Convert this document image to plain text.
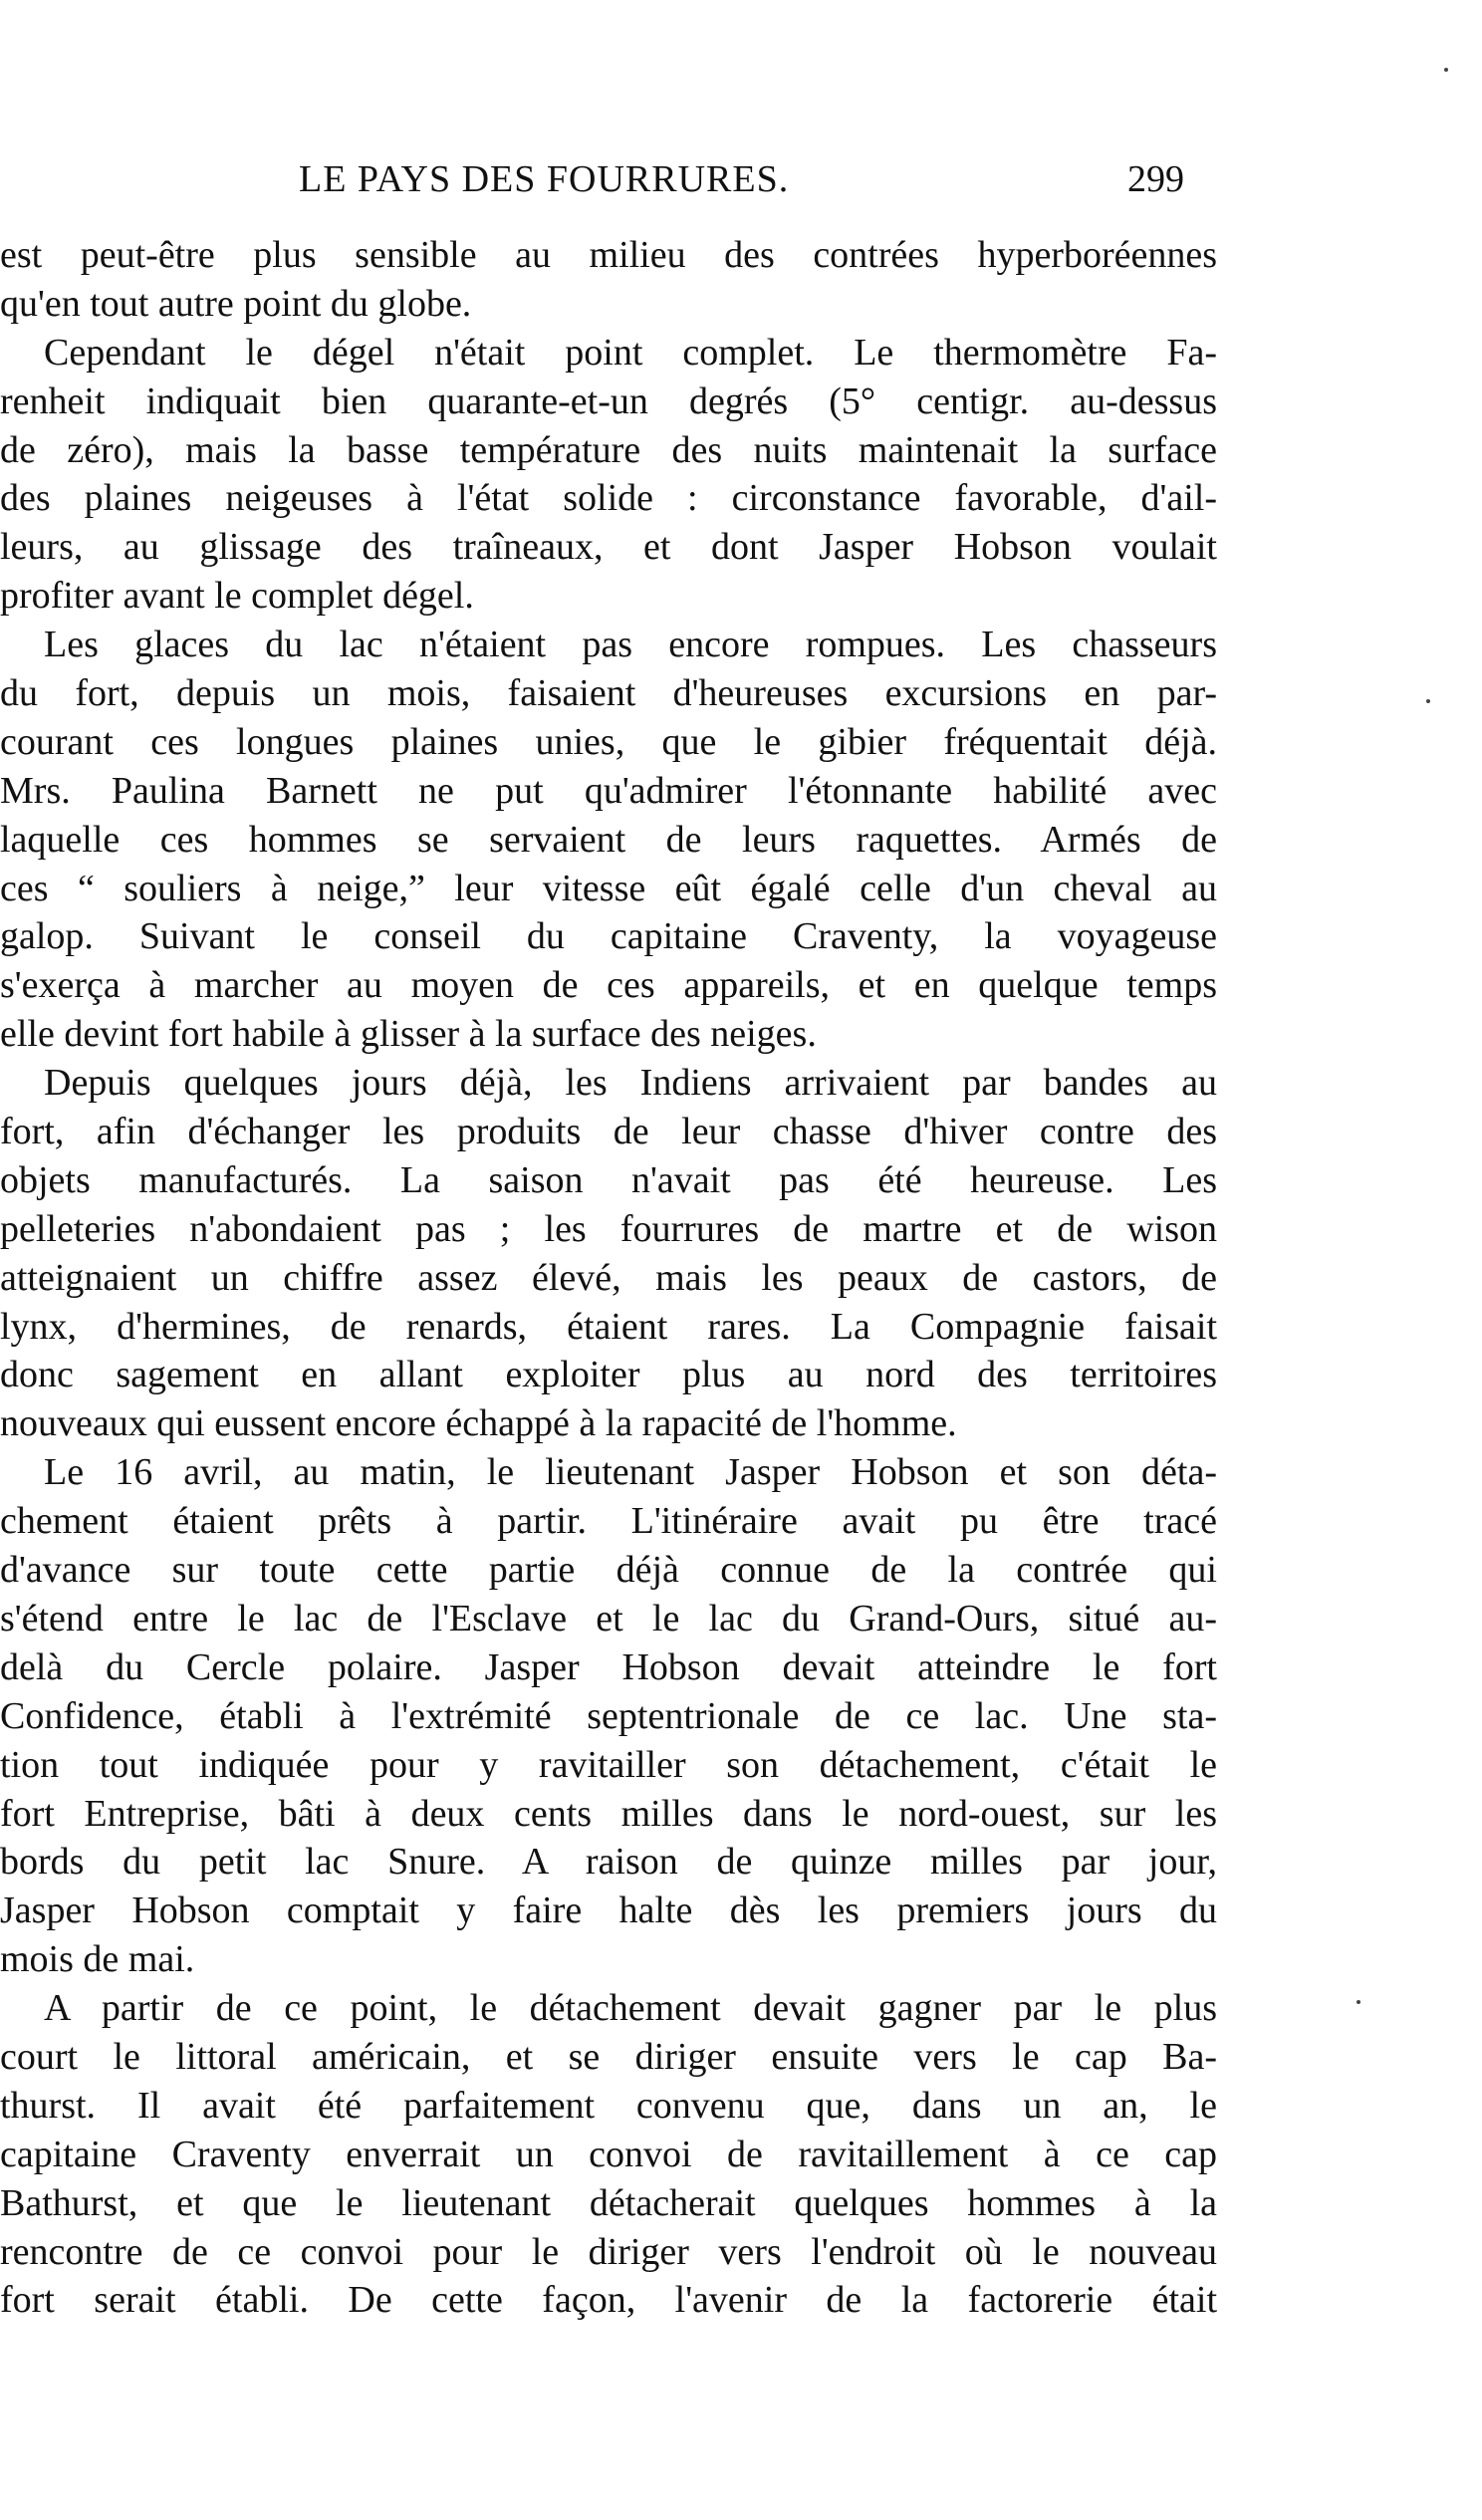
LE PAYS DES FOURRURES.	299
est peut-être plus sensible au milieu des contrées hyperboréennes
qu'en tout autre point du globe.
Cependant le dégel n'était point complet. Le thermomètre Fa-
renheit indiquait bien quarante-et-un degrés (5° centigr. au-dessus
de zéro), mais la basse température des nuits maintenait la surface
des plaines neigeuses à l'état solide : circonstance favorable, d'ail-
leurs, au glissage des traîneaux, et dont Jasper Hobson voulait
profiter avant le complet dégel.
Les glaces du lac n'étaient pas encore rompues. Les chasseurs
du fort, depuis un mois, faisaient d'heureuses excursions en par-
courant ces longues plaines unies, que le gibier fréquentait déjà.
Mrs. Paulina Barnett ne put qu'admirer l'étonnante habilité avec
laquelle ces hommes se servaient de leurs raquettes. Armés de
ces “ souliers à neige,” leur vitesse eût égalé celle d'un cheval au
galop. Suivant le conseil du capitaine Craventy, la voyageuse
s'exerça à marcher au moyen de ces appareils, et en quelque temps
elle devint fort habile à glisser à la surface des neiges.
Depuis quelques jours déjà, les Indiens arrivaient par bandes au
fort, afin d'échanger les produits de leur chasse d'hiver contre des
objets manufacturés. La saison n'avait pas été heureuse. Les
pelleteries n'abondaient pas ; les fourrures de martre et de wison
atteignaient un chiffre assez élevé, mais les peaux de castors, de
lynx, d'hermines, de renards, étaient rares. La Compagnie faisait
donc sagement en allant exploiter plus au nord des territoires
nouveaux qui eussent encore échappé à la rapacité de l'homme.
Le 16 avril, au matin, le lieutenant Jasper Hobson et son déta-
chement étaient prêts à partir. L'itinéraire avait pu être tracé
d'avance sur toute cette partie déjà connue de la contrée qui
s'étend entre le lac de l'Esclave et le lac du Grand-Ours, situé au-
delà du Cercle polaire. Jasper Hobson devait atteindre le fort
Confidence, établi à l'extrémité septentrionale de ce lac. Une sta-
tion tout indiquée pour y ravitailler son détachement, c'était le
fort Entreprise, bâti à deux cents milles dans le nord-ouest, sur les
bords du petit lac Snure. A raison de quinze milles par jour,
Jasper Hobson comptait y faire halte dès les premiers jours du
mois de mai.
A partir de ce point, le détachement devait gagner par le plus
court le littoral américain, et se diriger ensuite vers le cap Ba-
thurst. Il avait été parfaitement convenu que, dans un an, le
capitaine Craventy enverrait un convoi de ravitaillement à ce cap
Bathurst, et que le lieutenant détacherait quelques hommes à la
rencontre de ce convoi pour le diriger vers l'endroit où le nouveau
fort serait établi. De cette façon, l'avenir de la factorerie était
